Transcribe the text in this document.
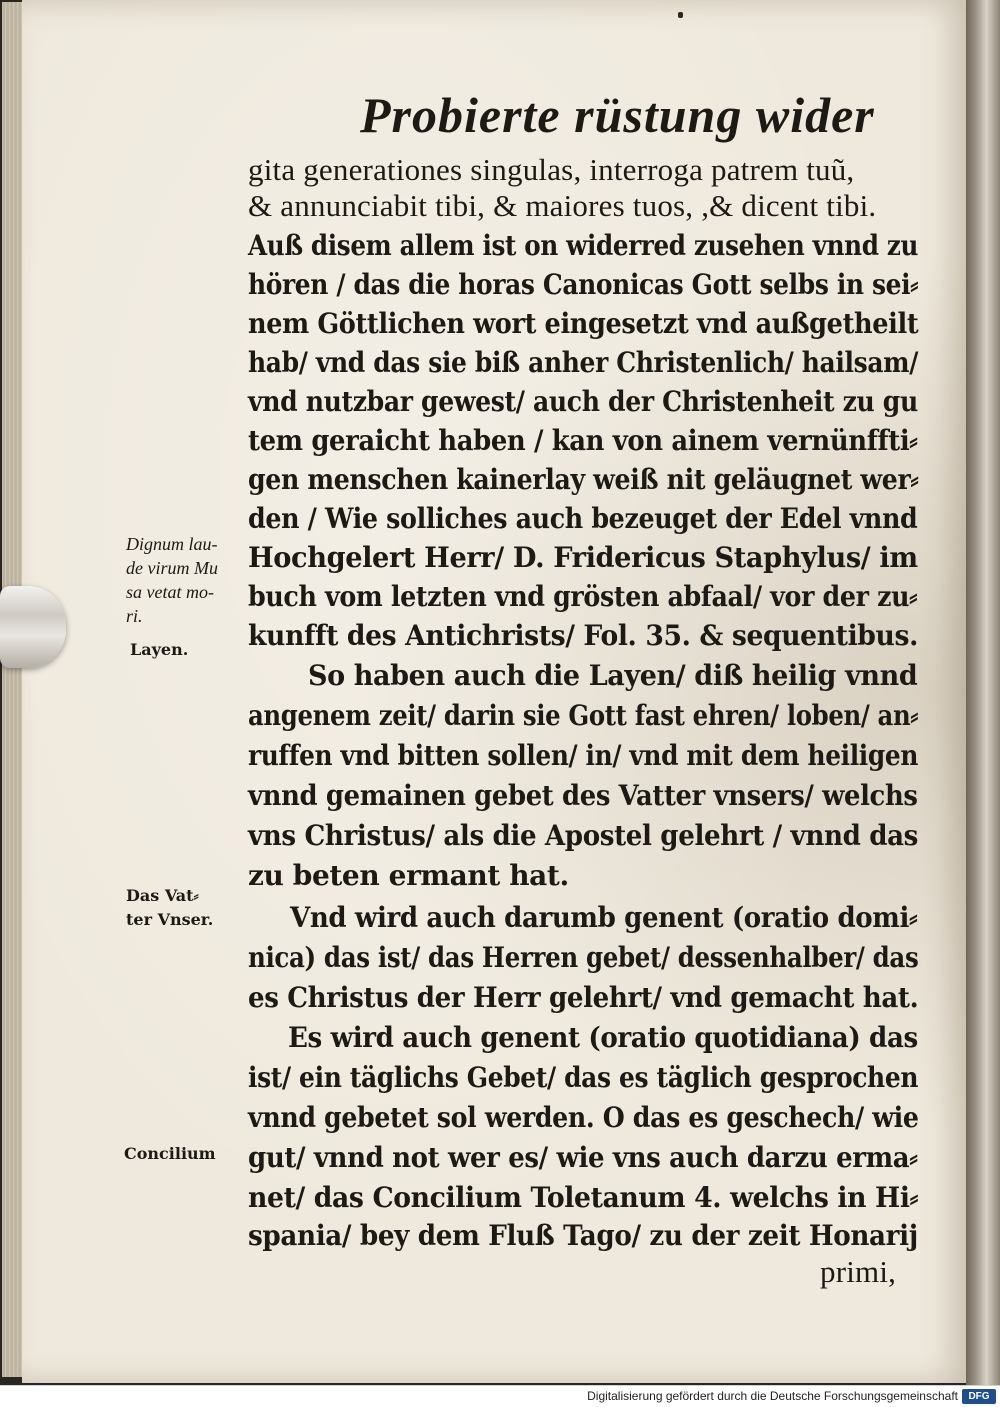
Probierte rüstung wider
gita generationes singulas, interroga patrem tuũ,
& annunciabit tibi, & maiores tuos, ,& dicent tibi.
Auß disem allem ist on widerred zusehen vnnd zu
hören / das die horas Canonicas Gott selbs in sei⸗
nem Göttlichen wort eingesetzt vnd außgetheilt
hab/ vnd das sie biß anher Christenlich/ hailsam/
vnd nutzbar gewest/ auch der Christenheit zu gu
tem geraicht haben / kan von ainem vernünffti⸗
gen menschen kainerlay weiß nit geläugnet wer⸗
den / Wie solliches auch bezeuget der Edel vnnd
Hochgelert Herr/ D. Fridericus Staphylus/ im
buch vom letzten vnd grösten abfaal/ vor der zu⸗
kunfft des Antichrists/ Fol. 35. & sequentibus.
So haben auch die Layen/ diß heilig vnnd
angenem zeit/ darin sie Gott fast ehren/ loben/ an⸗
ruffen vnd bitten sollen/ in/ vnd mit dem heiligen
vnnd gemainen gebet des Vatter vnsers/ welchs
vns Christus/ als die Apostel gelehrt / vnnd das
zu beten ermant hat.
Vnd wird auch darumb genent (oratio domi⸗
nica) das ist/ das Herren gebet/ dessenhalber/ das
es Christus der Herr gelehrt/ vnd gemacht hat.
Es wird auch genent (oratio quotidiana) das
ist/ ein täglichs Gebet/ das es täglich gesprochen
vnnd gebetet sol werden. O das es geschech/ wie
gut/ vnnd not wer es/ wie vns auch darzu erma⸗
net/ das Concilium Toletanum 4. welchs in Hi⸗
spania/ bey dem Fluß Tago/ zu der zeit Honarij
primi,
Dignum lau-
de virum Mu
sa vetat mo-
ri.
Layen.
Das Vat⸗
ter Vnser.
Concilium
Digitalisierung gefördert durch die Deutsche Forschungsgemeinschaft	DFG
